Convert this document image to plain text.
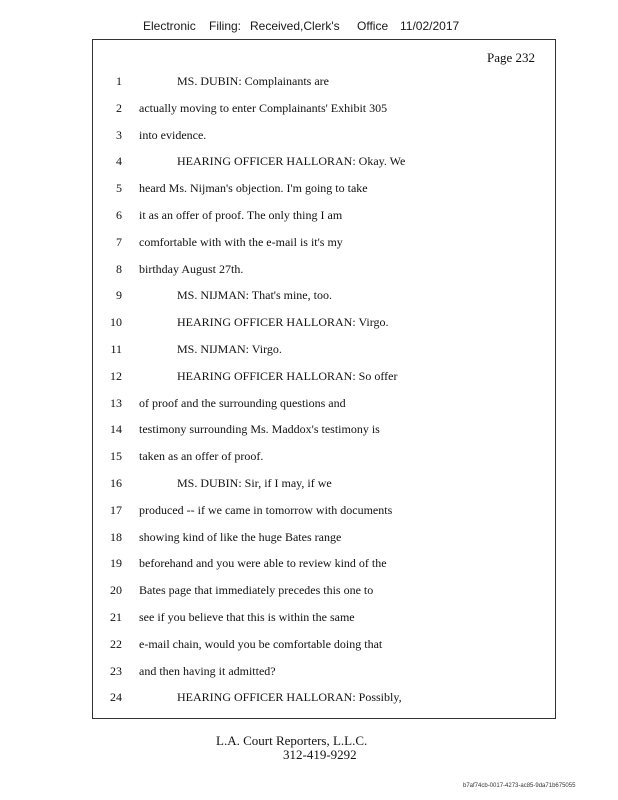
Electronic Filing: Received,Clerk's Office 11/02/2017
Page 232
1	MS. DUBIN: Complainants are
2 actually moving to enter Complainants' Exhibit 305
3 into evidence.
4	HEARING OFFICER HALLORAN: Okay. We
5 heard Ms. Nijman's objection. I'm going to take
6 it as an offer of proof. The only thing I am
7 comfortable with with the e-mail is it's my
8 birthday August 27th.
9	MS. NIJMAN: That's mine, too.
10	HEARING OFFICER HALLORAN: Virgo.
11	MS. NIJMAN: Virgo.
12	HEARING OFFICER HALLORAN: So offer
13 of proof and the surrounding questions and
14 testimony surrounding Ms. Maddox's testimony is
15 taken as an offer of proof.
16	MS. DUBIN: Sir, if I may, if we
17 produced -- if we came in tomorrow with documents
18 showing kind of like the huge Bates range
19 beforehand and you were able to review kind of the
20 Bates page that immediately precedes this one to
21 see if you believe that this is within the same
22 e-mail chain, would you be comfortable doing that
23 and then having it admitted?
24	HEARING OFFICER HALLORAN: Possibly,
L.A. Court Reporters, L.L.C.
312-419-9292
b7af74cb-0017-4273-ac85-9da71b675055
